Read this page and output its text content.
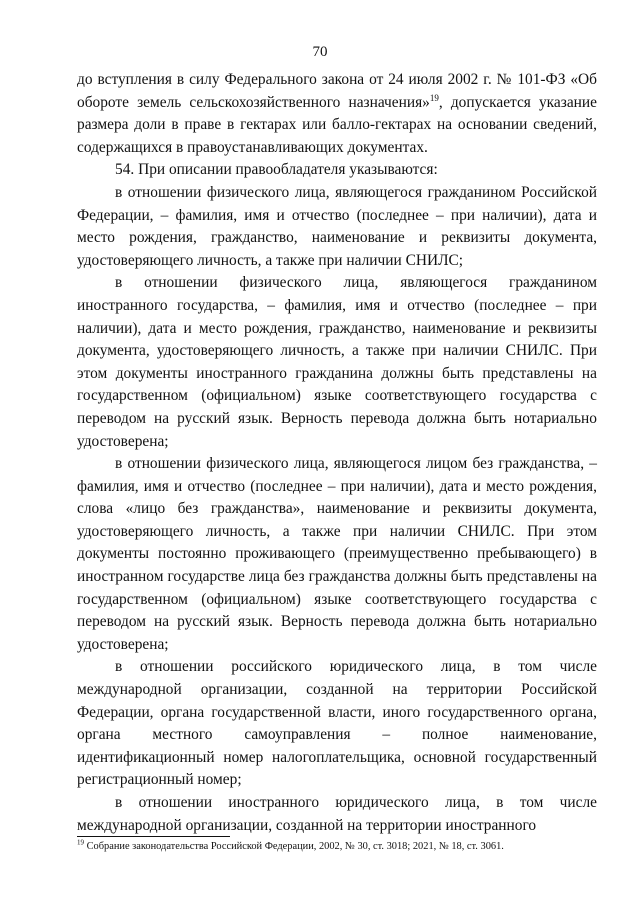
70

до вступления в силу Федерального закона от 24 июля 2002 г. № 101-ФЗ «Об обороте земель сельскохозяйственного назначения»$^{19}$, допускается указание размера доли в праве в гектарах или балло-гектарах на основании сведений, содержащихся в правоустанавливающих документах.

54. При описании правообладателя указываются:

в отношении физического лица, являющегося гражданином Российской Федерации, – фамилия, имя и отчество (последнее – при наличии), дата и место рождения, гражданство, наименование и реквизиты документа, удостоверяющего личность, а также при наличии СНИЛС;

в отношении физического лица, являющегося гражданином иностранного государства, – фамилия, имя и отчество (последнее – при наличии), дата и место рождения, гражданство, наименование и реквизиты документа, удостоверяющего личность, а также при наличии СНИЛС. При этом документы иностранного гражданина должны быть представлены на государственном (официальном) языке соответствующего государства с переводом на русский язык. Верность перевода должна быть нотариально удостоверена;

в отношении физического лица, являющегося лицом без гражданства, – фамилия, имя и отчество (последнее – при наличии), дата и место рождения, слова «лицо без гражданства», наименование и реквизиты документа, удостоверяющего личность, а также при наличии СНИЛС. При этом документы постоянно проживающего (преимущественно пребывающего) в иностранном государстве лица без гражданства должны быть представлены на государственном (официальном) языке соответствующего государства с переводом на русский язык. Верность перевода должна быть нотариально удостоверена;

в отношении российского юридического лица, в том числе международной организации, созданной на территории Российской Федерации, органа государственной власти, иного государственного органа, органа местного самоуправления – полное наименование, идентификационный номер налогоплательщика, основной государственный регистрационный номер;

в отношении иностранного юридического лица, в том числе международной организации, созданной на территории иностранного

$^{19}$ Собрание законодательства Российской Федерации, 2002, № 30, ст. 3018; 2021, № 18, ст. 3061.
